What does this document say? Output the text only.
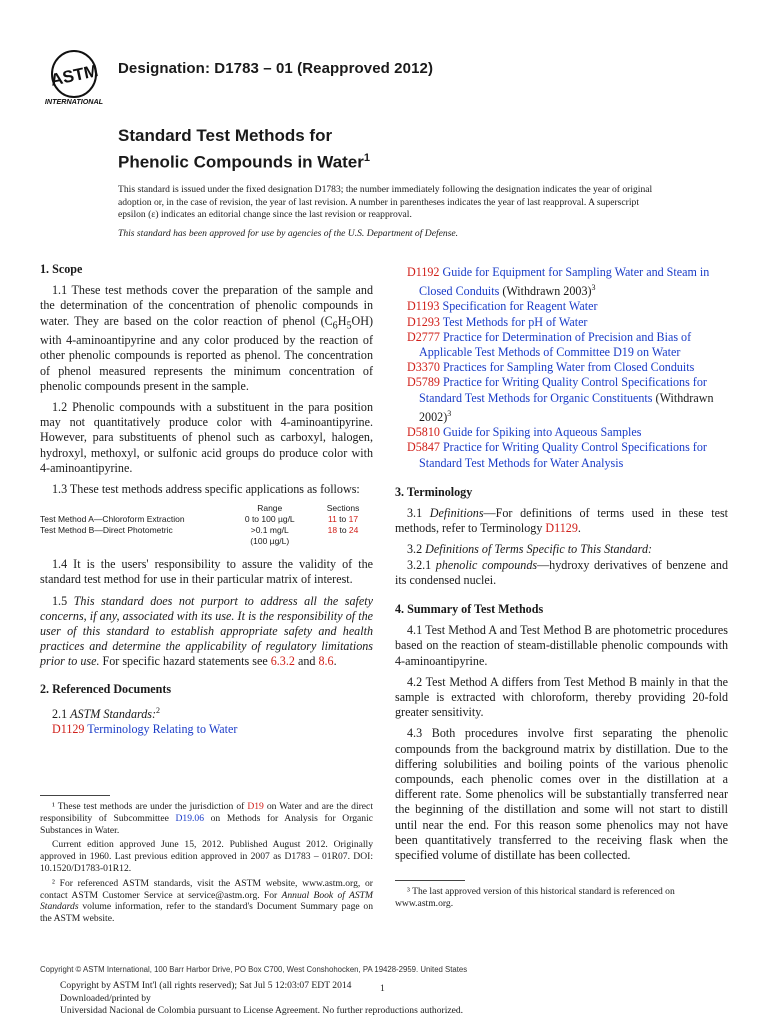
ASTM
INTERNATIONAL
Designation: D1783 – 01 (Reapproved 2012)
Standard Test Methods for
Phenolic Compounds in Water$^1$

This standard is issued under the fixed designation D1783; the number immediately following the designation indicates the year of original adoption or, in the case of revision, the year of last revision. A number in parentheses indicates the year of last reapproval. A superscript epsilon (ε) indicates an editorial change since the last revision or reapproval.

This standard has been approved for use by agencies of the U.S. Department of Defense.

1. Scope

1.1 These test methods cover the preparation of the sample and the determination of the concentration of phenolic compounds in water. They are based on the color reaction of phenol $(C_6H_5OH)$ with 4-aminoantipyrine and any color produced by the reaction of other phenolic compounds is reported as phenol. The concentration of phenol measured represents the minimum concentration of phenolic compounds present in the sample.

1.2 Phenolic compounds with a substituent in the para position may not quantitatively produce color with 4-aminoantipyrine. However, para substituents of phenol such as carboxyl, halogen, hydroxyl, methoxyl, or sulfonic acid groups do produce color with 4-aminoantipyrine.

1.3 These test methods address specific applications as follows:

	Range	Sections
Test Method A—Chloroform Extraction	0 to 100 µg/L	11 to 17
Test Method B—Direct Photometric	>0.1 mg/L	18 to 24
	(100 µg/L)	

1.4 It is the users' responsibility to assure the validity of the standard test method for use in their particular matrix of interest.

1.5 This standard does not purport to address all the safety concerns, if any, associated with its use. It is the responsibility of the user of this standard to establish appropriate safety and health practices and determine the applicability of regulatory limitations prior to use. For specific hazard statements see 6.3.2 and 8.6.

2. Referenced Documents

2.1 ASTM Standards:$^2$

D1129 Terminology Relating to Water

¹ These test methods are under the jurisdiction of D19 on Water and are the direct responsibility of Subcommittee D19.06 on Methods for Analysis for Organic Substances in Water.

Current edition approved June 15, 2012. Published August 2012. Originally approved in 1960. Last previous edition approved in 2007 as D1783 – 01R07. DOI: 10.1520/D1783-01R12.

² For referenced ASTM standards, visit the ASTM website, www.astm.org, or contact ASTM Customer Service at service@astm.org. For Annual Book of ASTM Standards volume information, refer to the standard's Document Summary page on the ASTM website.

D1192 Guide for Equipment for Sampling Water and Steam in Closed Conduits (Withdrawn 2003)$^3$

D1193 Specification for Reagent Water

D1293 Test Methods for pH of Water

D2777 Practice for Determination of Precision and Bias of Applicable Test Methods of Committee D19 on Water

D3370 Practices for Sampling Water from Closed Conduits

D5789 Practice for Writing Quality Control Specifications for Standard Test Methods for Organic Constituents (Withdrawn 2002)$^3$

D5810 Guide for Spiking into Aqueous Samples

D5847 Practice for Writing Quality Control Specifications for Standard Test Methods for Water Analysis

3. Terminology

3.1 Definitions—For definitions of terms used in these test methods, refer to Terminology D1129.

3.2 Definitions of Terms Specific to This Standard:

3.2.1 phenolic compounds—hydroxy derivatives of benzene and its condensed nuclei.

4. Summary of Test Methods

4.1 Test Method A and Test Method B are photometric procedures based on the reaction of steam-distillable phenolic compounds with 4-aminoantipyrine.

4.2 Test Method A differs from Test Method B mainly in that the sample is extracted with chloroform, thereby providing 20-fold greater sensitivity.

4.3 Both procedures involve first separating the phenolic compounds from the background matrix by distillation. Due to the differing solubilities and boiling points of the various phenolic compounds, each phenolic comes over in the distillation at a different rate. Some phenolics will be substantially transferred near the beginning of the distillation and some will not start to distill until near the end. For this reason some phenolics may not have been quantitatively transferred to the receiving flask when the specified volume of distillate has been collected.

³ The last approved version of this historical standard is referenced on www.astm.org.

Copyright © ASTM International, 100 Barr Harbor Drive, PO Box C700, West Conshohocken, PA 19428-2959. United States
Copyright by ASTM Int'l (all rights reserved); Sat Jul 5 12:03:07 EDT 2014
Downloaded/printed by
Universidad Nacional de Colombia pursuant to License Agreement. No further reproductions authorized.
1
